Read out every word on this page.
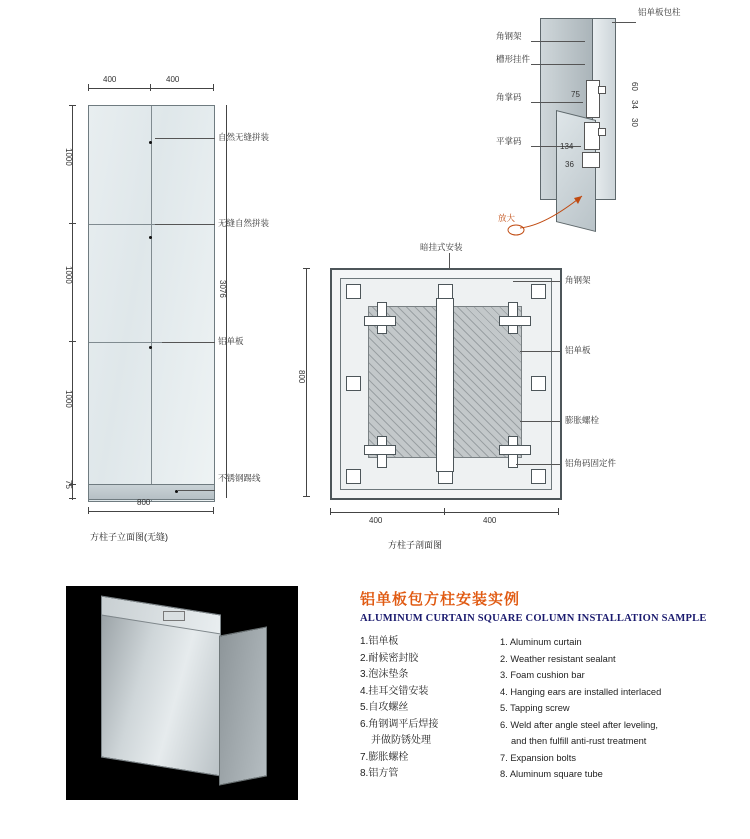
400	400
1000
1000
1000
75
3076
800
自然无缝拼装
无缝自然拼装
铝单板
不锈钢踢线
方柱子立面图(无缝)
800
400	400
暗挂式安装
角钢架
铝单板
膨胀螺栓
铝角码固定件
方柱子剖面图
铝单板包柱
角钢架
槽形挂件
角掌码
平掌码
75
134
36
34
30
60
放大
铝单板包方柱安装实例
ALUMINUM CURTAIN SQUARE COLUMN INSTALLATION SAMPLE
1.铝单板
2.耐候密封胶
3.泡沫垫条
4.挂耳交错安装
5.自攻螺丝
6.角钢调平后焊接
并做防锈处理
7.膨胀螺栓
8.铝方管
1. Aluminum curtain
2. Weather resistant sealant
3. Foam cushion bar
4. Hanging ears are installed interlaced
5. Tapping screw
6. Weld after angle steel after leveling,
and then fulfill anti-rust treatment
7. Expansion bolts
8. Aluminum square tube
